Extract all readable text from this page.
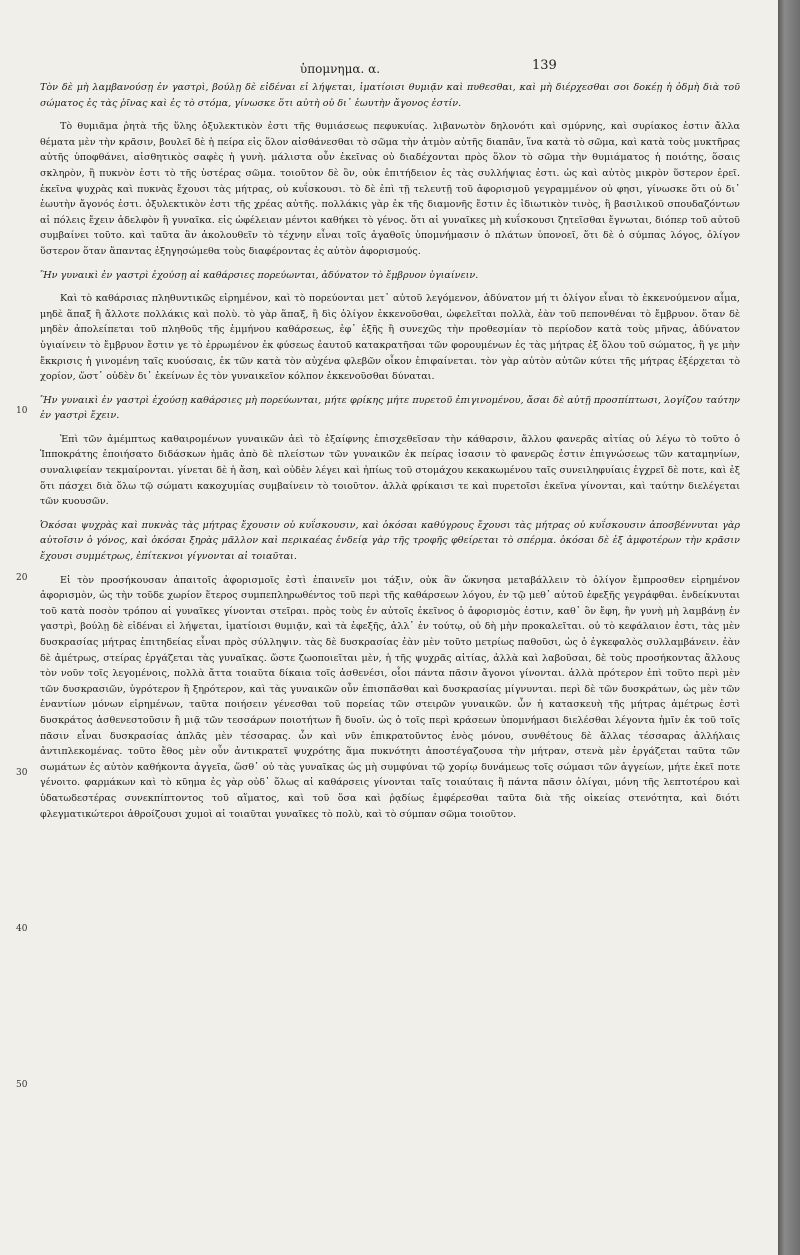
ὑπομνημα. α.	139
10
20
30
40
50

Τὸν δὲ μὴ λαμβανούσῃ ἐν γαστρὶ, βούλῃ δὲ εἰδέναι εἰ λήψεται, ἱματίοισι θυμιᾷν καὶ πυθεσθαι, καὶ μὴ διέρχεσθαι σοι δοκέῃ ἡ ὀδμὴ διὰ τοῦ σώματος ἐς τὰς ῥῖνας καὶ ἐς τὸ στόμα, γίνωσκε ὅτι αὐτὴ οὐ δι᾽ ἑωυτὴν ἄγονος ἐστίν.

Τὸ θυμιᾶμα ῥητὰ τῆς ὕλης ὀξυλεκτικὸν ἐστι τῆς θυμιάσεως πεφυκυίας. λιβανωτὸν δηλονότι καὶ σμύρνης, καὶ συρίακος ἐστιν ἄλλα θέματα μὲν τὴν κρᾶσιν, βουλεῖ δὲ ἡ πείρα εἰς ὅλον αἰσθάνεσθαι τὸ σῶμα τὴν ἀτμὸν αὐτῆς διαπᾶν, ἵνα κατὰ τὸ σῶμα, καὶ κατὰ τοὺς μυκτῆρας αὐτῆς ὑποφθάνει, αἰσθητικὸς σαφὲς ἡ γυνὴ. μάλιστα οὖν ἐκεῖνας οὐ διαδέχονται πρὸς ὅλον τὸ σῶμα τὴν θυμιάματος ἡ ποιότης, ὅσαις σκληρὸν, ἢ πυκνὸν ἐστι τὸ τῆς ὑστέρας σῶμα. τοιοῦτον δὲ ὂν, οὐκ ἐπιτήδειον ἐς τὰς συλλήψιας ἐστι. ὡς καὶ αὐτὸς μικρὸν ὕστερον ἐρεῖ. ἐκεῖνα ψυχρὰς καὶ πυκνὰς ἔχουσι τὰς μήτρας, οὐ κυΐσκουσι. τὸ δὲ ἐπὶ τῇ τελευτῇ τοῦ ἀφορισμοῦ γεγραμμένον οὐ φησι, γίνωσκε ὅτι οὐ δι᾽ ἑωυτὴν ἄγονός ἐστι. ὀξυλεκτικὸν ἐστι τῆς χρέας αὐτῆς. πολλάκις γὰρ ἐκ τῆς διαμονῆς ἔστιν ἐς ἰδιωτικὸν τινὸς, ἢ βασιλικοῦ σπουδαζόντων αἱ πόλεις ἔχειν ἀδελφὸν ἢ γυναῖκα. εἰς ὠφέλειαν μέντοι καθήκει τὸ γένος. ὅτι αἱ γυναῖκες μὴ κυΐσκουσι ζητεῖσθαι ἔγνωται, διόπερ τοῦ αὐτοῦ συμβαίνει τοῦτο. καὶ ταῦτα ἂν ἀκολουθεῖν τὸ τέχνην εἶναι τοῖς ἀγαθοῖς ὑπομνήμασιν ὁ πλάτων ὑπονοεῖ, ὅτι δὲ ὁ σύμπας λόγος, ὀλίγον ὕστερον ὅταν ἅπαντας ἐξηγησώμεθα τοὺς διαφέροντας ἐς αὐτὸν ἀφορισμούς.

Ἢν γυναικὶ ἐν γαστρὶ ἐχούσῃ αἱ καθάρσιες πορεύωνται, ἀδύνατον τὸ ἔμβρυον ὑγιαίνειν.

Καὶ τὸ καθάρσιας πληθυντικῶς εἰρημένον, καὶ τὸ πορεύονται μετ᾽ αὐτοῦ λεγόμενον, ἀδύνατον μή τι ὀλίγον εἶναι τὸ ἐκκενούμενον αἷμα, μηδὲ ἅπαξ ἢ ἄλλοτε πολλάκις καὶ πολὺ. τὸ γὰρ ἅπαξ, ἢ δὶς ὀλίγον ἐκκενοῦσθαι, ὠφελεῖται πολλὰ, ἐὰν τοῦ πεπονθέναι τὸ ἔμβρυον. ὅταν δὲ μηδὲν ἀπολείπεται τοῦ πληθοῦς τῆς ἐμμήνου καθάρσεως, ἐφ᾽ ἑξῆς ἢ συνεχῶς τὴν προθεσμίαν τὸ περίοδον κατὰ τοὺς μῆνας, ἀδύνατον ὑγιαίνειν τὸ ἔμβρυον ἔστιν γε τὸ ἐρρωμένον ἐκ φύσεως ἐαυτοῦ κατακρατῆσαι τῶν φορουμένων ἐς τὰς μήτρας ἐξ ὅλου τοῦ σώματος, ἢ γε μὴν ἔκκρισις ἡ γινομένη ταῖς κυούσαις, ἐκ τῶν κατὰ τὸν αὐχένα φλεβῶν οἶκον ἐπιφαίνεται. τὸν γὰρ αὐτὸν αὐτῶν κύτει τῆς μήτρας ἐξέρχεται τὸ χορίον, ὥστ᾽ οὐδὲν δι᾽ ἐκείνων ἐς τὸν γυναικεῖον κόλπον ἐκκενοῦσθαι δύναται.

Ἢν γυναικὶ ἐν γαστρὶ ἐχούσῃ καθάρσιες μὴ πορεύωνται, μήτε φρίκης μήτε πυρετοῦ ἐπιγινομένου, ἄσαι δὲ αὐτῇ προσπίπτωσι, λογίζου ταύτην ἐν γαστρὶ ἔχειν.

Ἐπὶ τῶν ἀμέμπτως καθαιρομένων γυναικῶν ἀεὶ τὸ ἐξαίφνης ἐπισχεθεῖσαν τὴν κάθαρσιν, ἄλλου φανερᾶς αἰτίας οὐ λέγω τὸ τοῦτο ὁ Ἱπποκράτης ἐποιήσατο διδάσκων ἡμᾶς ἀπὸ δὲ πλείστων τῶν γυναικῶν ἐκ πείρας ἰσασιν τὸ φανερῶς ἐστιν ἐπιγνώσεως τῶν καταμηνίων, συναλιφείαν τεκμαίρονται. γίνεται δὲ ἡ ἄση, καὶ οὐδὲν λέγει καὶ ἠπίως τοῦ στομάχου κεκακωμένου ταῖς συνειληφυίαις ἐγχρεῖ δὲ ποτε, καὶ ἐξ ὅτι πάσχει διὰ ὅλω τῷ σώματι κακοχυμίας συμβαίνειν τὸ τοιοῦτον. ἀλλὰ φρίκαισι τε καὶ πυρετοῖσι ἐκεῖνα γίνονται, καὶ ταύτην διελέγεται τῶν κυουσῶν.

Ὁκόσαι ψυχρὰς καὶ πυκνὰς τὰς μήτρας ἔχουσιν οὐ κυΐσκουσιν, καὶ ὁκόσαι καθύγρους ἔχουσι τὰς μήτρας οὐ κυΐσκουσιν ἀποσβέννυται γὰρ αὐτοῖσιν ὁ γόνος, καὶ ὁκόσαι ξηρὰς μᾶλλον καὶ περικαέας ἐνδείᾳ γὰρ τῆς τροφῆς φθείρεται τὸ σπέρμα. ὁκόσαι δὲ ἐξ ἀμφοτέρων τὴν κρᾶσιν ἔχουσι συμμέτρως, ἐπίτεκνοι γίγνονται αἱ τοιαῦται.

Εἰ τὸν προσήκουσαν ἀπαιτοῖς ἀφορισμοῖς ἐστὶ ἐπαινεῖν μοι τάξιν, οὐκ ἂν ὤκνησα μεταβάλλειν τὸ ὀλίγον ἔμπροσθεν εἰρημένον ἀφορισμὸν, ὡς τὴν τοῦδε χωρίον ἕτερος συμπεπληρωθέντος τοῦ περὶ τῆς καθάρσεων λόγου, ἐν τῷ μεθ᾽ αὐτοῦ ἐφεξῆς γεγράφθαι. ἐνδείκνυται τοῦ κατὰ ποσὸν τρόπου αἱ γυναῖκες γίνονται στεῖραι. πρὸς τοὺς ἐν αὐτοῖς ἐκεῖνος ὁ ἀφορισμὸς ἐστιν, καθ᾽ ὃν ἔφη, ἢν γυνὴ μὴ λαμβάνῃ ἐν γαστρὶ, βούλῃ δὲ εἰδέναι εἰ λήψεται, ἱματίοισι θυμιᾷν, καὶ τὰ ἐφεξῆς, ἀλλ᾽ ἐν τούτῳ, οὐ δὴ μὴν προκαλεῖται. οὐ τὸ κεφάλαιον ἐστι, τὰς μὲν δυσκρασίας μήτρας ἐπιτηδείας εἶναι πρὸς σύλληψιν. τὰς δὲ δυσκρασίας ἐὰν μὲν τοῦτο μετρίως παθοῦσι, ὡς ὁ ἐγκεφαλὸς συλλαμβάνειν. ἐὰν δὲ ἀμέτρως, στείρας ἐργάζεται τὰς γυναῖκας. ὥστε ζωοποιεῖται μὲν, ἡ τῆς ψυχρᾶς αἰτίας, ἀλλὰ καὶ λαβοῦσαι, δὲ τοὺς προσήκοντας ἄλλους τὸν νοῦν τοῖς λεγομένοις, πολλὰ ἄττα τοιαῦτα δίκαια τοῖς ἀσθενέσι, οἷοι πάντα πᾶσιν ἄγονοι γίνονται. ἀλλὰ πρότερον ἐπὶ τοῦτο περὶ μὲν τῶν δυσκρασιῶν, ὑγρότερον ἢ ξηρότερον, καὶ τὰς γυναικῶν οὖν ἐπισπᾶσθαι καὶ δυσκρασίας μίγνυνται. περὶ δὲ τῶν δυσκράτων, ὡς μὲν τῶν ἐναντίων μόνων εἰρημένων, ταῦτα ποιήσειν γένεσθαι τοῦ πορείας τῶν στειρῶν γυναικῶν. ὧν ἡ κατασκευὴ τῆς μήτρας ἀμέτρως ἐστὶ δυσκράτος ἀσθενεστοῦσιν ἢ μιᾷ τῶν τεσσάρων ποιοτήτων ἢ δυοῖν. ὡς ὁ τοῖς περὶ κράσεων ὑπομνήμασι διελέσθαι λέγοντα ἡμῖν ἐκ τοῦ τοῖς πᾶσιν εἶναι δυσκρασίας ἁπλᾶς μὲν τέσσαρας. ὧν καὶ νῦν ἐπικρατοῦντος ἑνὸς μόνου, συνθέτους δὲ ἄλλας τέσσαρας ἀλλήλαις ἀντιπλεκομένας. τοῦτο ἔθος μὲν οὖν ἀντικρατεῖ ψυχρότης ἅμα πυκνότητι ἀποστέγαζουσα τὴν μήτραν, στενὰ μὲν ἐργάζεται ταῦτα τῶν σωμάτων ἐς αὐτὸν καθήκοντα ἀγγεῖα, ὥσθ᾽ οὐ τὰς γυναῖκας ὡς μὴ συμφύναι τῷ χορίῳ δυνάμεως τοῖς σώμασι τῶν ἀγγείων, μήτε ἐκεῖ ποτε γένοιτο. φαρμάκων καὶ τὸ κῦημα ἐς γὰρ οὐδ᾽ ὅλως αἱ καθάρσεις γίνονται ταῖς τοιαύταις ἢ πάντα πᾶσιν ὀλίγαι, μόνη τῆς λεπτοτέρου καὶ ὑδατωδεστέρας συνεκπίπτοντος τοῦ αἵματος, καὶ τοῦ ὅσα καὶ ῥᾳδίως ἐμφέρεσθαι ταῦτα διὰ τῆς οἰκείας στενότητα, καὶ διότι φλεγματικώτεροι ἀθροίζουσι χυμοὶ αἱ τοιαῦται γυναῖκες τὸ πολὺ, καὶ τὸ σύμπαν σῶμα τοιοῦτον.
